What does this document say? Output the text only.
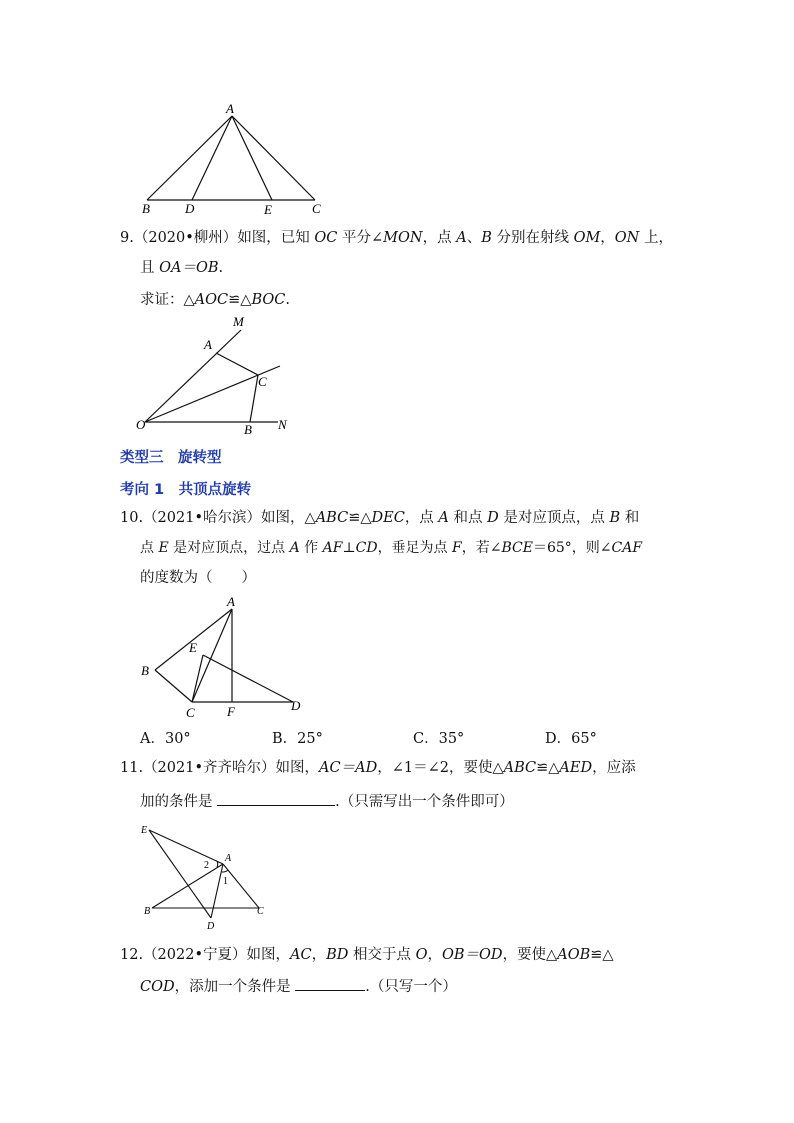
A
B	D	E	C
9.（2020•柳州）如图，已知 OC 平分∠MON，点 A、B 分别在射线 OM，ON 上，
且 OA＝OB.
求证：△AOC≌△BOC.
M
A
C
O	B N
类型三　旋转型
考向 1　共顶点旋转
10.（2021•哈尔滨）如图，△ABC≌△DEC，点 A 和点 D 是对应顶点，点 B 和
点 E 是对应顶点，过点 A 作 AF⊥CD，垂足为点 F，若∠BCE＝65°，则∠CAF
的度数为（　　）
A
E
B
C F	D
A．30°	B．25°	C．35°	D．65°
11.（2021•齐齐哈尔）如图，AC＝AD，∠1＝∠2，要使△ABC≌△AED，应添
加的条件是	.（只需写出一个条件即可）
E
A
2
1
B
D
C
12.（2022•宁夏）如图，AC，BD 相交于点 O，OB＝OD，要使△AOB≌△
COD，添加一个条件是	.（只写一个）
